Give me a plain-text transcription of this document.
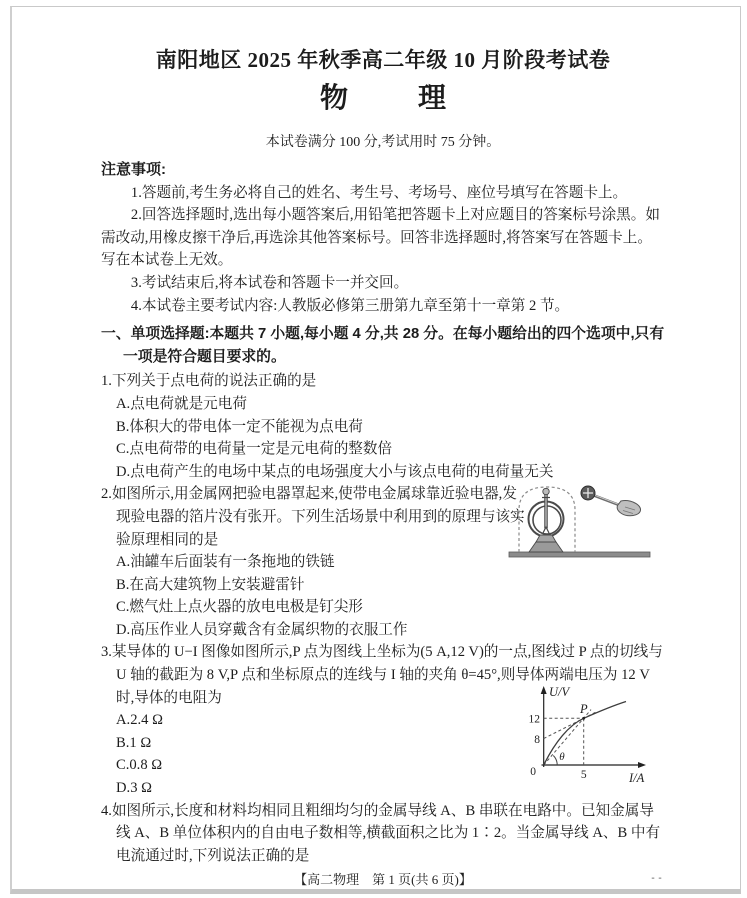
南阳地区 2025 年秋季高二年级 10 月阶段考试卷
物理

本试卷满分 100 分,考试用时 75 分钟。

注意事项:

1.答题前,考生务必将自己的姓名、考生号、考场号、座位号填写在答题卡上。

2.回答选择题时,选出每小题答案后,用铅笔把答题卡上对应题目的答案标号涂黑。如需改动,用橡皮擦干净后,再选涂其他答案标号。回答非选择题时,将答案写在答题卡上。写在本试卷上无效。

3.考试结束后,将本试卷和答题卡一并交回。

4.本试卷主要考试内容:人教版必修第三册第九章至第十一章第 2 节。

一、单项选择题:本题共 7 小题,每小题 4 分,共 28 分。在每小题给出的四个选项中,只有一项是符合题目要求的。

1.下列关于点电荷的说法正确的是

A.点电荷就是元电荷

B.体积大的带电体一定不能视为点电荷

C.点电荷带的电荷量一定是元电荷的整数倍

D.点电荷产生的电场中某点的电场强度大小与该点电荷的电荷量无关

2.如图所示,用金属网把验电器罩起来,使带电金属球靠近验电器,发现验电器的箔片没有张开。下列生活场景中利用到的原理与该实验原理相同的是

A.油罐车后面装有一条拖地的铁链

B.在高大建筑物上安装避雷针

C.燃气灶上点火器的放电电极是钉尖形

D.高压作业人员穿戴含有金属织物的衣服工作

3.某导体的 U−I 图像如图所示,P 点为图线上坐标为(5 A,12 V)的一点,图线过 P 点的切线与 U 轴的截距为 8 V,P 点和坐标原点的连线与 I 轴的夹角 θ=45°,则导体两端电压为 12 V 时,导体的电阻为

A.2.4 Ω

B.1 Ω

C.0.8 Ω

D.3 Ω

U/V
I/A
0
12
8
5
P
θ

4.如图所示,长度和材料均相同且粗细均匀的金属导线 A、B 串联在电路中。已知金属导线 A、B 单位体积内的自由电子数相等,横截面积之比为 1∶2。当金属导线 A、B 中有电流通过时,下列说法正确的是

【高二物理　第 1 页(共 6 页)】	--
